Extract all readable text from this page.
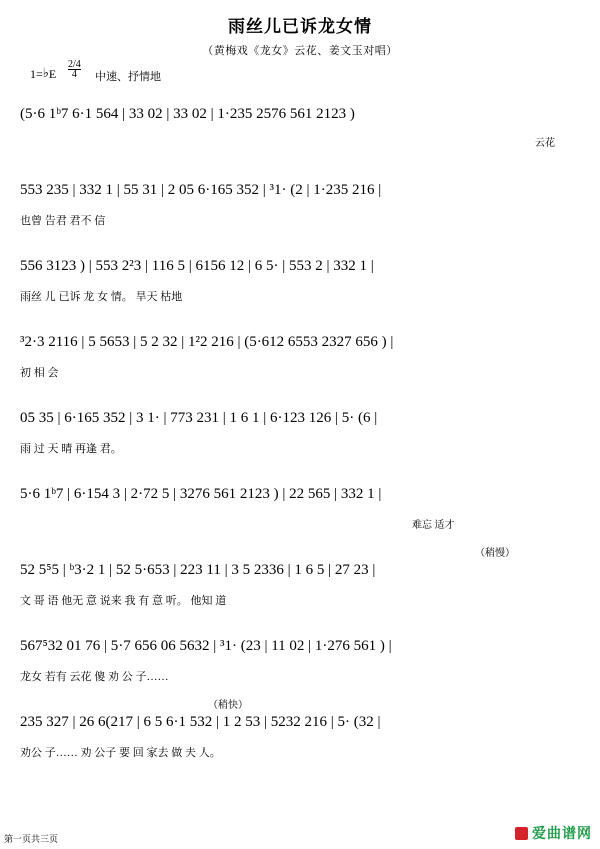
雨丝儿已诉龙女情
（黄梅戏《龙女》云花、姜文玉对唱）
1=♭E
2/4
4	中速、抒情地
(5·6 1ᵇ7 6·1 564 | 33 02 | 33 02 | 1·235 2576 561 2123 )
云花
553 235 | 332 1 | 55 31 | 2 05 6·165 352 | ³1· (2 | 1·235 216 |
也曾 告君 君不 信
556 3123 ) | 553 2²3 | 116 5 | 6156 12 | 6 5· | 553 2 | 332 1 |
雨丝 儿 已诉 龙 女 情。 旱天 枯地
³2·3 2116 | 5 5653 | 5 2 32 | 1²2 216 | (5·612 6553 2327 656 ) |
初 相 会
05 35 | 6·165 352 | 3 1· | 773 231 | 1 6 1 | 6·123 126 | 5· (6 |
雨 过 天 晴 再逢 君。
5·6 1ᵇ7 | 6·154 3 | 2·72 5 | 3276 561 2123 ) | 22 565 | 332 1 |
难忘 适才
（稍慢）
52 5⁵5 | ᵇ3·2 1 | 52 5·653 | 223 11 | 3 5 2336 | 1 6 5 | 27 23 |
文 哥 语 他无 意 说来 我 有 意 听。 他知 道
567⁵32 01 76 | 5·7 656 06 5632 | ³1· (23 | 11 02 | 1·276 561 ) |
龙女 若有 云花 傻 劝 公 子……
（稍快）
235 327 | 26 6(217 | 6 5 6·1 532 | 1 2 53 | 5232 216 | 5· (32 |
劝公 子…… 劝 公子 要 回 家去 做 夫 人。
第一页共三页	爱曲谱网
